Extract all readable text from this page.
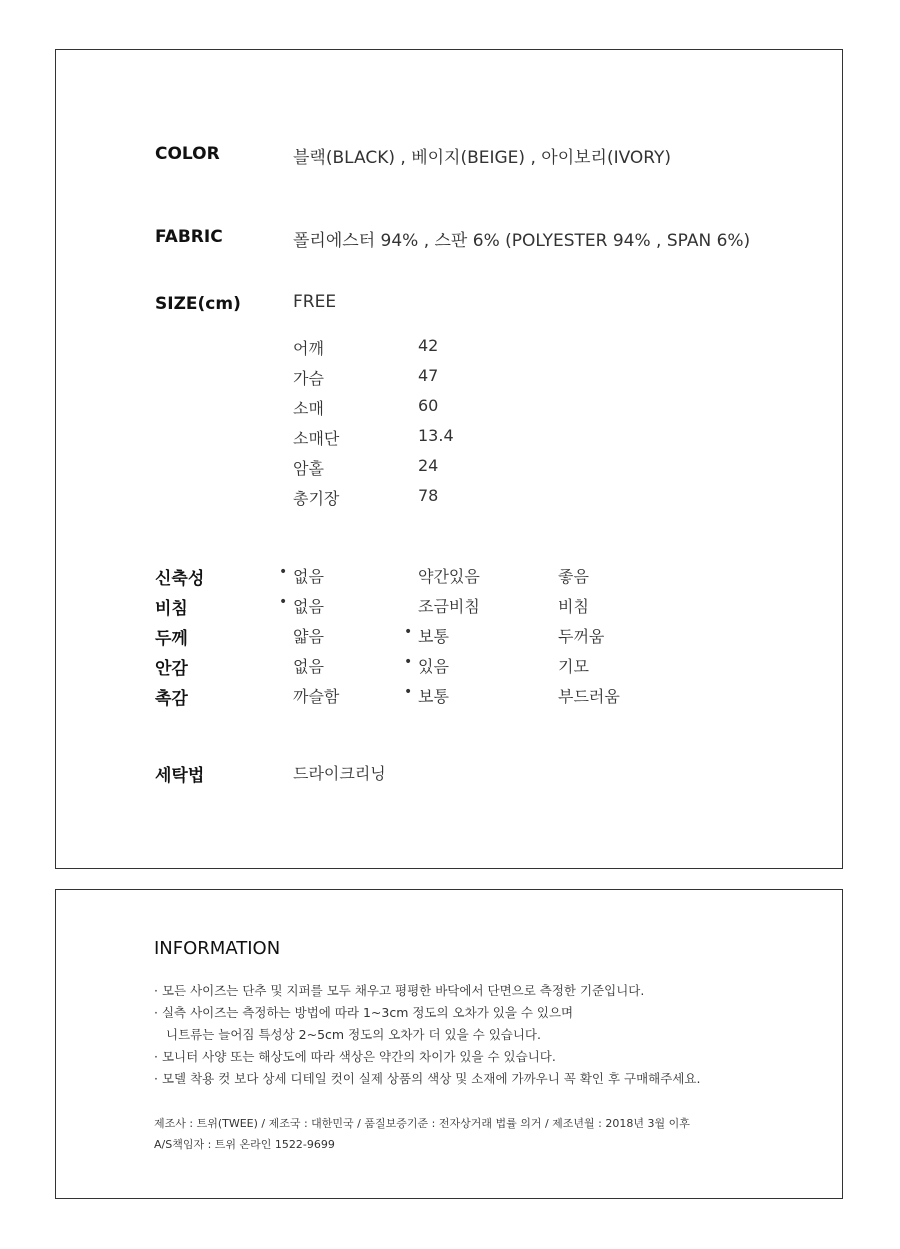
COLOR	블랙(BLACK) , 베이지(BEIGE) , 아이보리(IVORY)
FABRIC	폴리에스터 94% , 스판 6% (POLYESTER 94% , SPAN 6%)
SIZE(cm)	FREE
어깨	42
가슴	47
소매	60
소매단	13.4
암홀	24
총기장	78
신축성	• 없음	약간있음	좋음
비침	• 없음	조금비침	비침
두께	얇음	• 보통	두꺼움
안감	없음	• 있음	기모
촉감	까슬함	• 보통	부드러움
세탁법	드라이크리닝
INFORMATION
· 모든 사이즈는 단추 및 지퍼를 모두 채우고 평평한 바닥에서 단면으로 측정한 기준입니다.
· 실측 사이즈는 측정하는 방법에 따라 1~3cm 정도의 오차가 있을 수 있으며
니트류는 늘어짐 특성상 2~5cm 정도의 오차가 더 있을 수 있습니다.
· 모니터 사양 또는 해상도에 따라 색상은 약간의 차이가 있을 수 있습니다.
· 모델 착용 컷 보다 상세 디테일 컷이 실제 상품의 색상 및 소재에 가까우니 꼭 확인 후 구매해주세요.
제조사 : 트위(TWEE) / 제조국 : 대한민국 / 품질보증기준 : 전자상거래 법률 의거 / 제조년월 : 2018년 3월 이후
A/S책임자 : 트위 온라인 1522-9699
